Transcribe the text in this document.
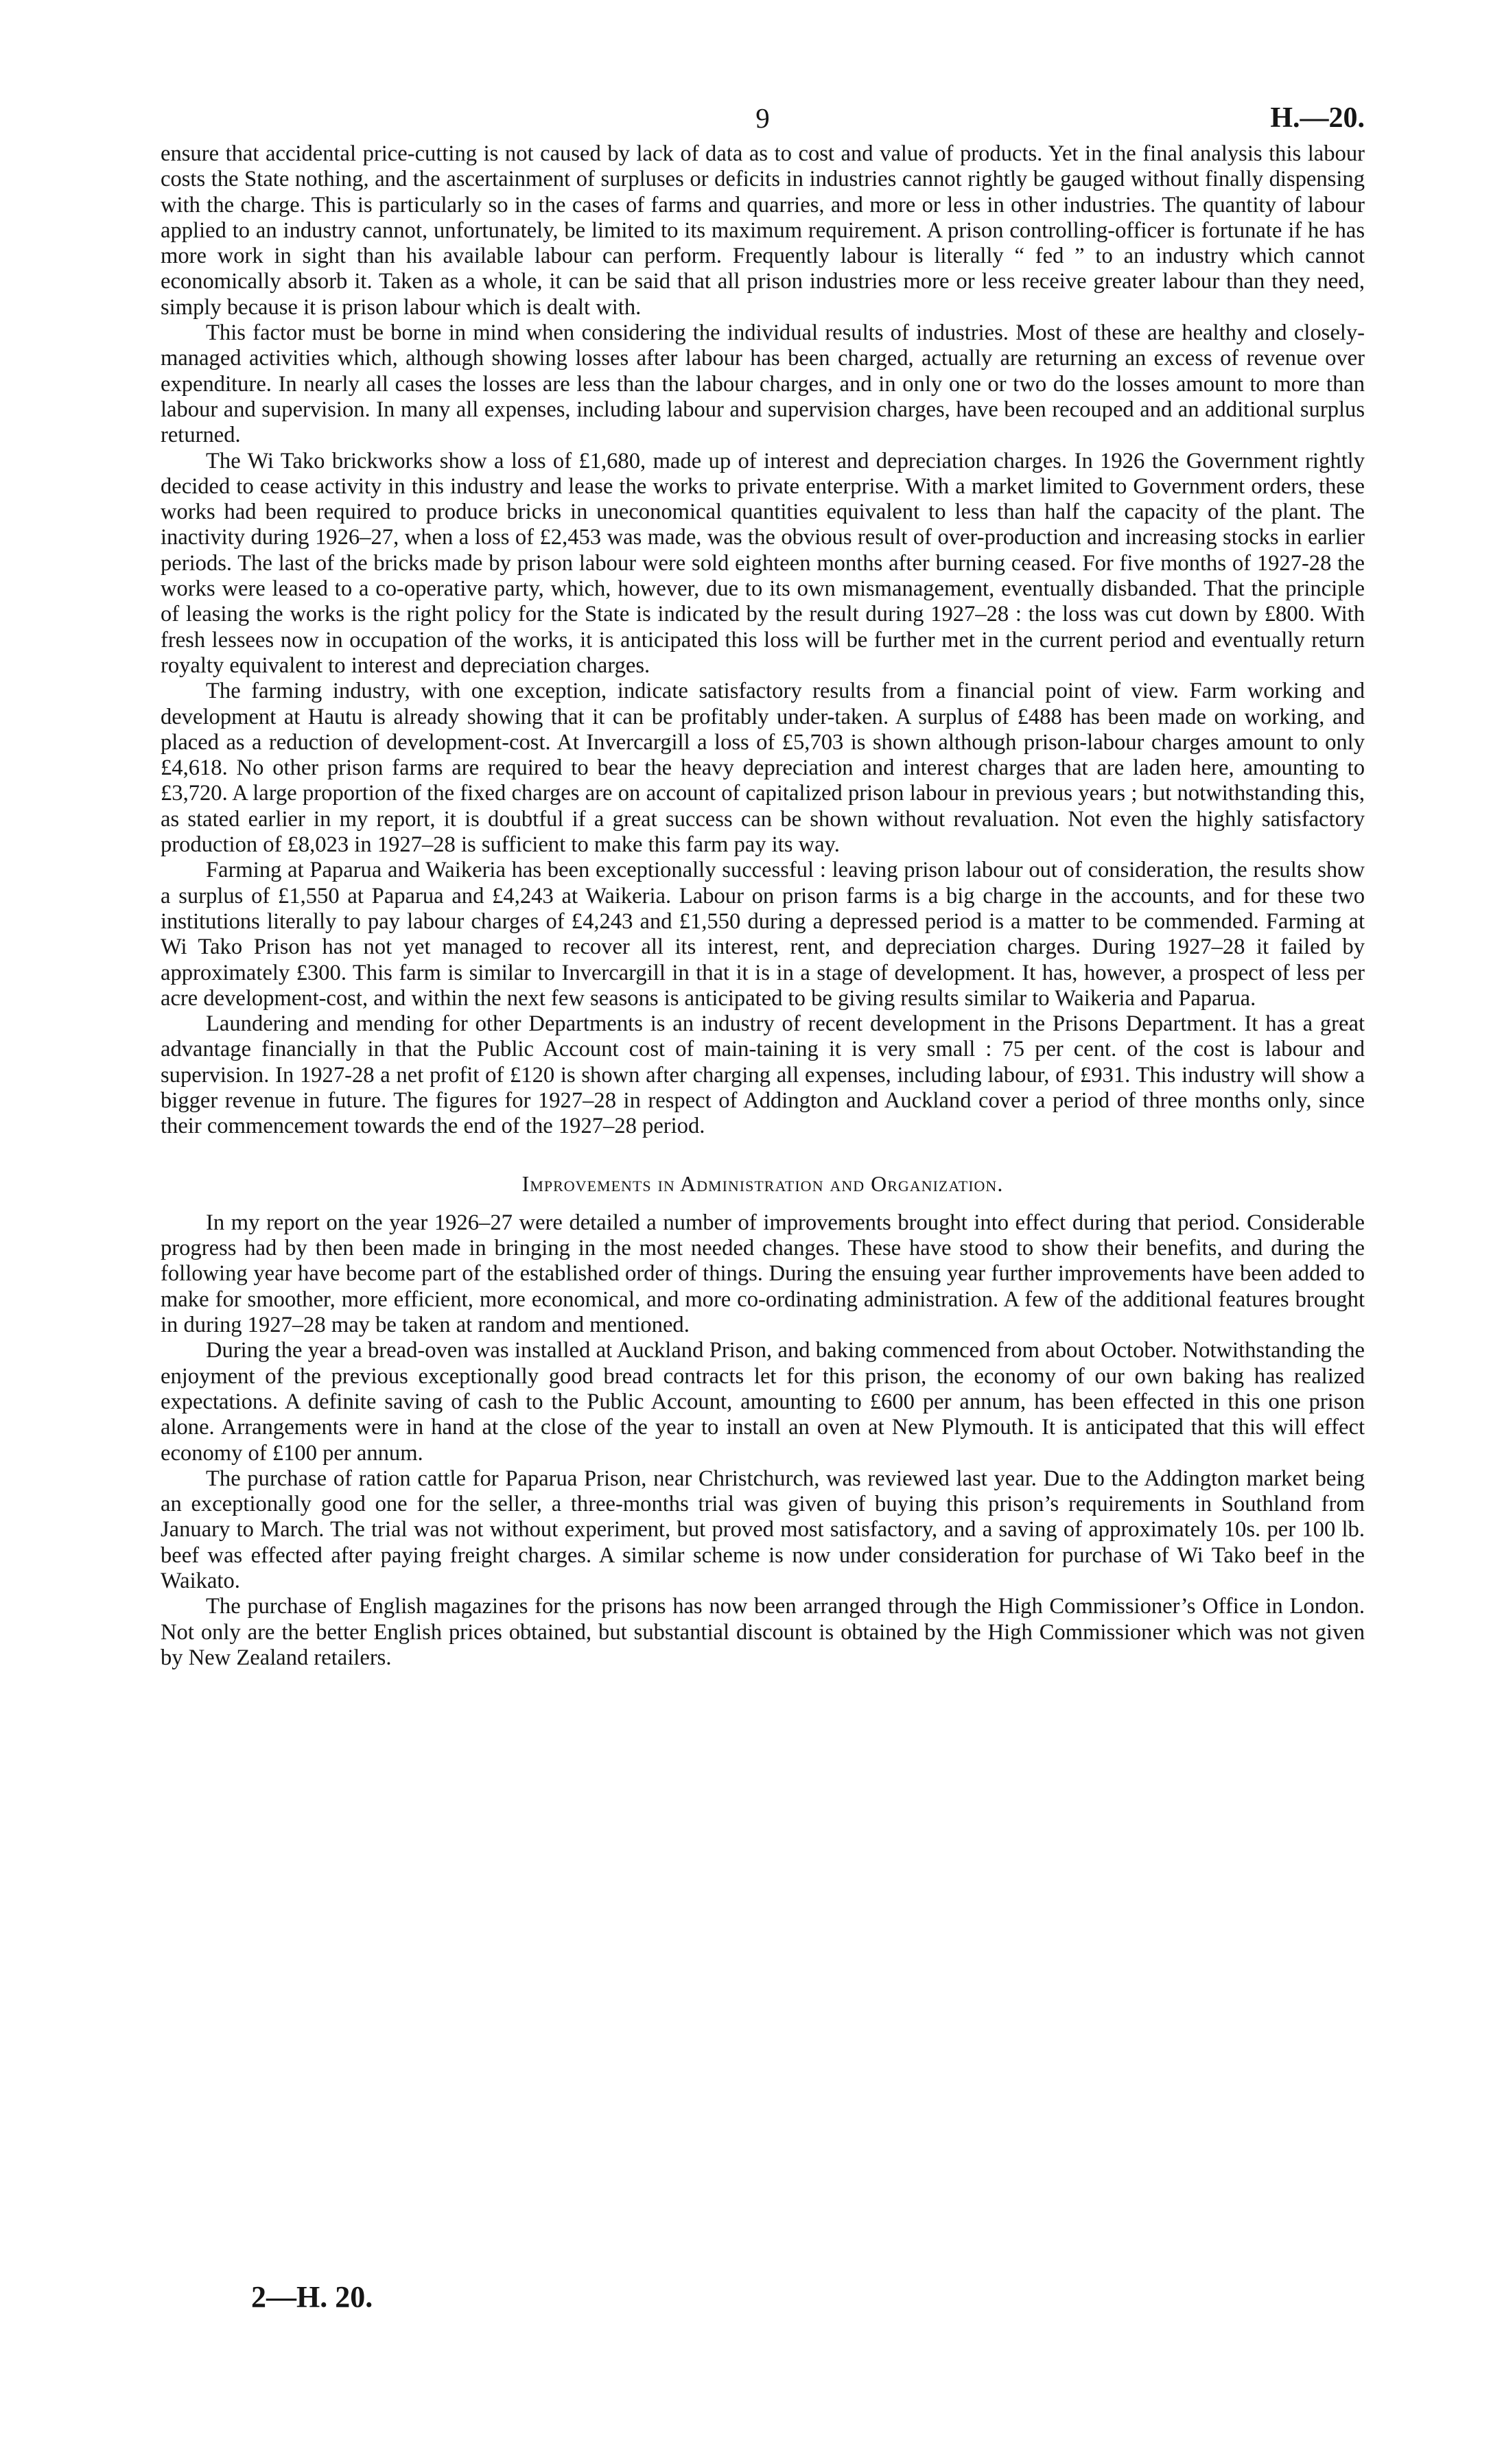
9	H.—20.

ensure that accidental price-cutting is not caused by lack of data as to cost and value of products. Yet in the final analysis this labour costs the State nothing, and the ascertainment of surpluses or deficits in industries cannot rightly be gauged without finally dispensing with the charge. This is particularly so in the cases of farms and quarries, and more or less in other industries. The quantity of labour applied to an industry cannot, unfortunately, be limited to its maximum requirement. A prison controlling-officer is fortunate if he has more work in sight than his available labour can perform. Frequently labour is literally “ fed ” to an industry which cannot economically absorb it. Taken as a whole, it can be said that all prison industries more or less receive greater labour than they need, simply because it is prison labour which is dealt with.

This factor must be borne in mind when considering the individual results of industries. Most of these are healthy and closely-managed activities which, although showing losses after labour has been charged, actually are returning an excess of revenue over expenditure. In nearly all cases the losses are less than the labour charges, and in only one or two do the losses amount to more than labour and supervision. In many all expenses, including labour and supervision charges, have been recouped and an additional surplus returned.

The Wi Tako brickworks show a loss of £1,680, made up of interest and depreciation charges. In 1926 the Government rightly decided to cease activity in this industry and lease the works to private enterprise. With a market limited to Government orders, these works had been required to produce bricks in uneconomical quantities equivalent to less than half the capacity of the plant. The inactivity during 1926–27, when a loss of £2,453 was made, was the obvious result of over-production and increasing stocks in earlier periods. The last of the bricks made by prison labour were sold eighteen months after burning ceased. For five months of 1927-28 the works were leased to a co-operative party, which, however, due to its own mismanagement, eventually disbanded. That the principle of leasing the works is the right policy for the State is indicated by the result during 1927–28 : the loss was cut down by £800. With fresh lessees now in occupation of the works, it is anticipated this loss will be further met in the current period and eventually return royalty equivalent to interest and depreciation charges.

The farming industry, with one exception, indicate satisfactory results from a financial point of view. Farm working and development at Hautu is already showing that it can be profitably under-taken. A surplus of £488 has been made on working, and placed as a reduction of development-cost. At Invercargill a loss of £5,703 is shown although prison-labour charges amount to only £4,618. No other prison farms are required to bear the heavy depreciation and interest charges that are laden here, amounting to £3,720. A large proportion of the fixed charges are on account of capitalized prison labour in previous years ; but notwithstanding this, as stated earlier in my report, it is doubtful if a great success can be shown without revaluation. Not even the highly satisfactory production of £8,023 in 1927–28 is sufficient to make this farm pay its way.

Farming at Paparua and Waikeria has been exceptionally successful : leaving prison labour out of consideration, the results show a surplus of £1,550 at Paparua and £4,243 at Waikeria. Labour on prison farms is a big charge in the accounts, and for these two institutions literally to pay labour charges of £4,243 and £1,550 during a depressed period is a matter to be commended. Farming at Wi Tako Prison has not yet managed to recover all its interest, rent, and depreciation charges. During 1927–28 it failed by approximately £300. This farm is similar to Invercargill in that it is in a stage of development. It has, however, a prospect of less per acre development-cost, and within the next few seasons is anticipated to be giving results similar to Waikeria and Paparua.

Laundering and mending for other Departments is an industry of recent development in the Prisons Department. It has a great advantage financially in that the Public Account cost of main-taining it is very small : 75 per cent. of the cost is labour and supervision. In 1927-28 a net profit of £120 is shown after charging all expenses, including labour, of £931. This industry will show a bigger revenue in future. The figures for 1927–28 in respect of Addington and Auckland cover a period of three months only, since their commencement towards the end of the 1927–28 period.

Improvements in Administration and Organization.

In my report on the year 1926–27 were detailed a number of improvements brought into effect during that period. Considerable progress had by then been made in bringing in the most needed changes. These have stood to show their benefits, and during the following year have become part of the established order of things. During the ensuing year further improvements have been added to make for smoother, more efficient, more economical, and more co-ordinating administration. A few of the additional features brought in during 1927–28 may be taken at random and mentioned.

During the year a bread-oven was installed at Auckland Prison, and baking commenced from about October. Notwithstanding the enjoyment of the previous exceptionally good bread contracts let for this prison, the economy of our own baking has realized expectations. A definite saving of cash to the Public Account, amounting to £600 per annum, has been effected in this one prison alone. Arrangements were in hand at the close of the year to install an oven at New Plymouth. It is anticipated that this will effect economy of £100 per annum.

The purchase of ration cattle for Paparua Prison, near Christchurch, was reviewed last year. Due to the Addington market being an exceptionally good one for the seller, a three-months trial was given of buying this prison’s requirements in Southland from January to March. The trial was not without experiment, but proved most satisfactory, and a saving of approximately 10s. per 100 lb. beef was effected after paying freight charges. A similar scheme is now under consideration for purchase of Wi Tako beef in the Waikato.

The purchase of English magazines for the prisons has now been arranged through the High Commissioner’s Office in London. Not only are the better English prices obtained, but substantial discount is obtained by the High Commissioner which was not given by New Zealand retailers.

2—H. 20.
